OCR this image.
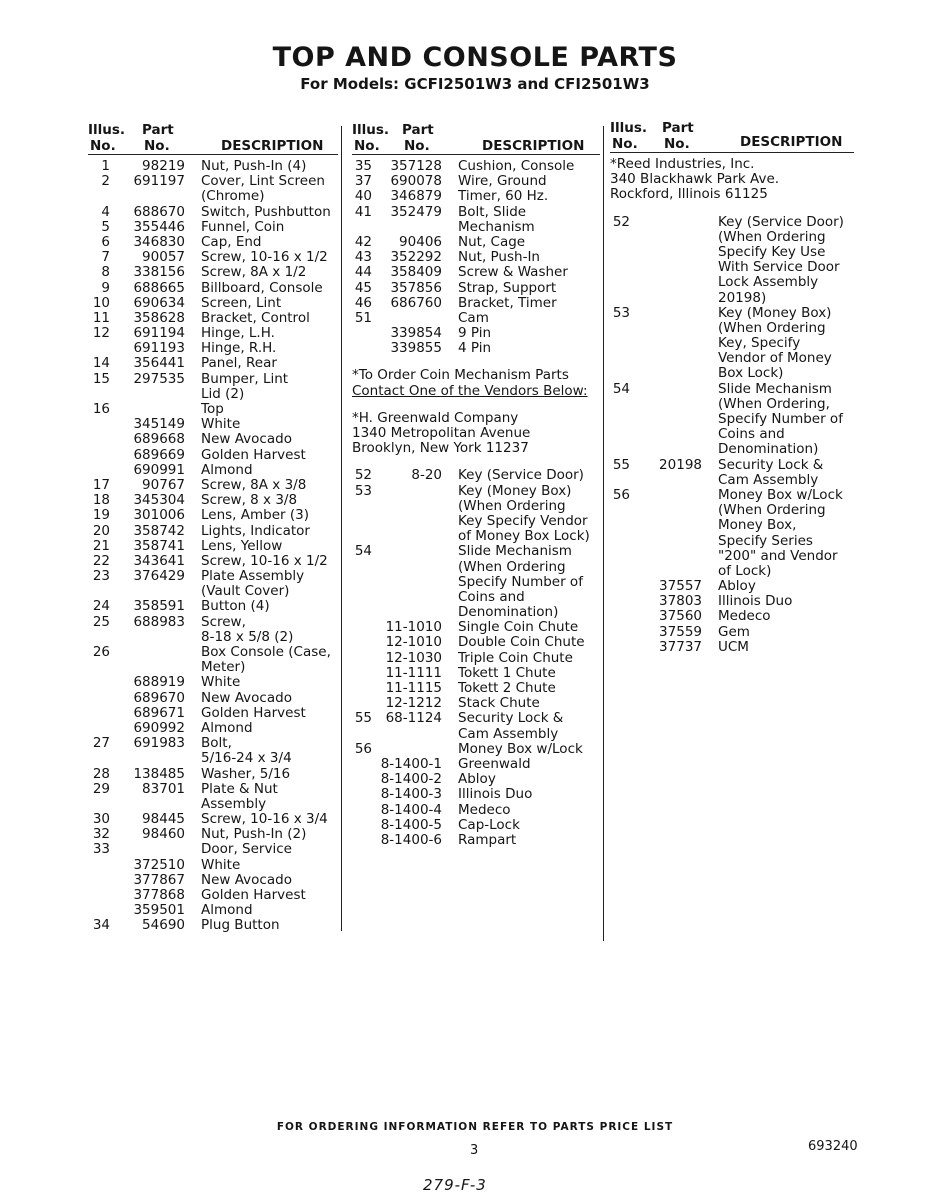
TOP AND CONSOLE PARTS
For Models: GCFI2501W3 and CFI2501W3
Illus.
No.
Part
No.	DESCRIPTION
1 98219 Nut, Push-In (4)
2 691197 Cover, Lint Screen
(Chrome)
4 688670 Switch, Pushbutton
5 355446 Funnel, Coin
6 346830 Cap, End
7 90057 Screw, 10-16 x 1/2
8 338156 Screw, 8A x 1/2
9 688665 Billboard, Console
10 690634 Screen, Lint
11 358628 Bracket, Control
12 691194 Hinge, L.H.
691193 Hinge, R.H.
14 356441 Panel, Rear
15 297535 Bumper, Lint
Lid (2)
16	Top
345149 White
689668 New Avocado
689669 Golden Harvest
690991 Almond
17 90767 Screw, 8A x 3/8
18 345304 Screw, 8 x 3/8
19 301006 Lens, Amber (3)
20 358742 Lights, Indicator
21 358741 Lens, Yellow
22 343641 Screw, 10-16 x 1/2
23 376429 Plate Assembly
(Vault Cover)
24 358591 Button (4)
25 688983 Screw,
8-18 x 5/8 (2)
26	Box Console (Case,
Meter)
688919 White
689670 New Avocado
689671 Golden Harvest
690992 Almond
27 691983 Bolt,
5/16-24 x 3/4
28 138485 Washer, 5/16
29 83701 Plate & Nut
Assembly
30 98445 Screw, 10-16 x 3/4
32 98460 Nut, Push-In (2)
33	Door, Service
372510 White
377867 New Avocado
377868 Golden Harvest
359501 Almond
34 54690 Plug Button
Illus.
No.
Part
No.	DESCRIPTION
35 357128 Cushion, Console
37 690078 Wire, Ground
40 346879 Timer, 60 Hz.
41 352479 Bolt, Slide
Mechanism
42 90406 Nut, Cage
43 352292 Nut, Push-In
44 358409 Screw & Washer
45 357856 Strap, Support
46 686760 Bracket, Timer
51	Cam
339854 9 Pin
339855 4 Pin
*To Order Coin Mechanism Parts
Contact One of the Vendors Below:
*H. Greenwald Company
1340 Metropolitan Avenue
Brooklyn, New York 11237
52	8-20 Key (Service Door)
53	Key (Money Box)
(When Ordering
Key Specify Vendor
of Money Box Lock)
54	Slide Mechanism
(When Ordering
Specify Number of
Coins and
Denomination)
11-1010 Single Coin Chute
12-1010 Double Coin Chute
12-1030 Triple Coin Chute
11-1111 Tokett 1 Chute
11-1115 Tokett 2 Chute
12-1212 Stack Chute
55 68-1124 Security Lock &
Cam Assembly
56	Money Box w/Lock
8-1400-1 Greenwald
8-1400-2 Abloy
8-1400-3 Illinois Duo
8-1400-4 Medeco
8-1400-5 Cap-Lock
8-1400-6 Rampart
Illus.
No.
Part
No.	DESCRIPTION
*Reed Industries, Inc.
340 Blackhawk Park Ave.
Rockford, Illinois 61125
52	Key (Service Door)
(When Ordering
Specify Key Use
With Service Door
Lock Assembly
20198)
53	Key (Money Box)
(When Ordering
Key, Specify
Vendor of Money
Box Lock)
54	Slide Mechanism
(When Ordering,
Specify Number of
Coins and
Denomination)
55 20198 Security Lock &
Cam Assembly
56	Money Box w/Lock
(When Ordering
Money Box,
Specify Series
"200" and Vendor
of Lock)
37557 Abloy
37803 Illinois Duo
37560 Medeco
37559 Gem
37737 UCM
FOR ORDERING INFORMATION REFER TO PARTS PRICE LIST
3	693240
279-F-3
